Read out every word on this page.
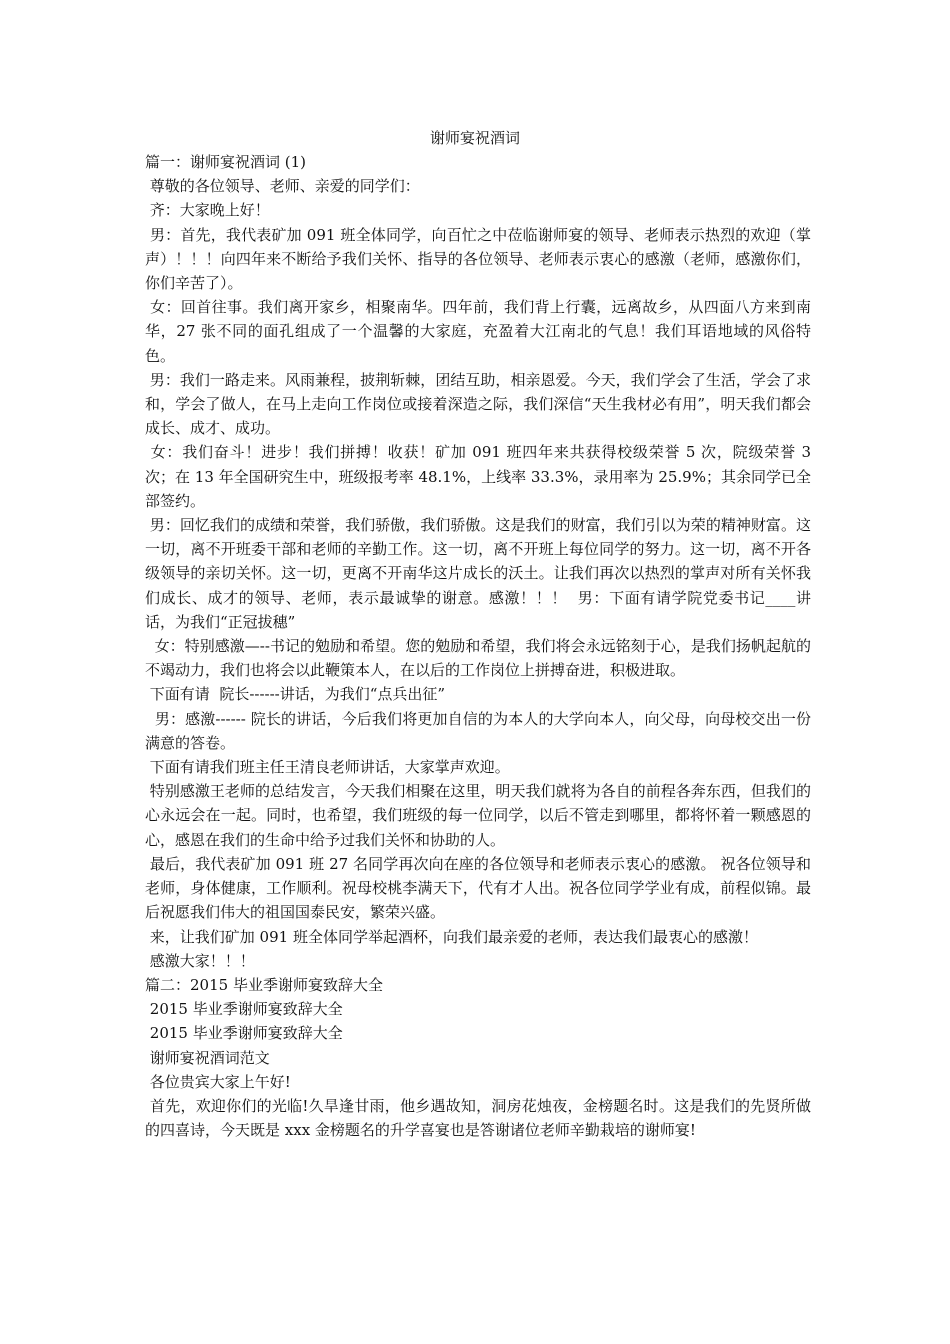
谢师宴祝酒词

篇一：谢师宴祝酒词 (1)

尊敬的各位领导、老师、亲爱的同学们：

齐：大家晚上好！

男：首先，我代表矿加 091 班全体同学，向百忙之中莅临谢师宴的领导、老师表示热烈的欢迎（掌声）！！！向四年来不断给予我们关怀、指导的各位领导、老师表示衷心的感激（老师，感激你们，你们辛苦了）。

女：回首往事。我们离开家乡，相聚南华。四年前，我们背上行囊，远离故乡，从四面八方来到南华，27 张不同的面孔组成了一个温馨的大家庭，充盈着大江南北的气息！我们耳语地域的风俗特色。

男：我们一路走来。风雨兼程，披荆斩棘，团结互助，相亲恩爱。今天，我们学会了生活，学会了求和，学会了做人，在马上走向工作岗位或接着深造之际，我们深信“天生我材必有用”，明天我们都会成长、成才、成功。

女：我们奋斗！进步！我们拼搏！收获！矿加 091 班四年来共获得校级荣誉 5 次，院级荣誉 3 次；在 13 年全国研究生中，班级报考率 48.1%，上线率 33.3%，录用率为 25.9%；其余同学已全部签约。

男：回忆我们的成绩和荣誉，我们骄傲，我们骄傲。这是我们的财富，我们引以为荣的精神财富。这一切，离不开班委干部和老师的辛勤工作。这一切，离不开班上每位同学的努力。这一切，离不开各级领导的亲切关怀。这一切，更离不开南华这片成长的沃土。让我们再次以热烈的掌声对所有关怀我们成长、成才的领导、老师，表示最诚挚的谢意。感激！！！  男：下面有请学院党委书记____讲话，为我们“正冠拔穗”

女：特别感激—--书记的勉励和希望。您的勉励和希望，我们将会永远铭刻于心，是我们扬帆起航的不竭动力，我们也将会以此鞭策本人，在以后的工作岗位上拼搏奋进，积极进取。

下面有请  院长------讲话，为我们“点兵出征”

男：感激------ 院长的讲话，今后我们将更加自信的为本人的大学向本人，向父母，向母校交出一份满意的答卷。

下面有请我们班主任王清良老师讲话，大家掌声欢迎。

特别感激王老师的总结发言，今天我们相聚在这里，明天我们就将为各自的前程各奔东西，但我们的心永远会在一起。同时，也希望，我们班级的每一位同学，以后不管走到哪里，都将怀着一颗感恩的心，感恩在我们的生命中给予过我们关怀和协助的人。

最后，我代表矿加 091 班 27 名同学再次向在座的各位领导和老师表示衷心的感激。 祝各位领导和老师，身体健康，工作顺利。祝母校桃李满天下，代有才人出。祝各位同学学业有成，前程似锦。最后祝愿我们伟大的祖国国泰民安，繁荣兴盛。

来，让我们矿加 091 班全体同学举起酒杯，向我们最亲爱的老师，表达我们最衷心的感激！

感激大家！！！

篇二：2015 毕业季谢师宴致辞大全

2015 毕业季谢师宴致辞大全

2015 毕业季谢师宴致辞大全

谢师宴祝酒词范文

各位贵宾大家上午好!

首先，欢迎你们的光临!久旱逢甘雨，他乡遇故知，洞房花烛夜，金榜题名时。这是我们的先贤所做的四喜诗，今天既是 xxx 金榜题名的升学喜宴也是答谢诸位老师辛勤栽培的谢师宴!
